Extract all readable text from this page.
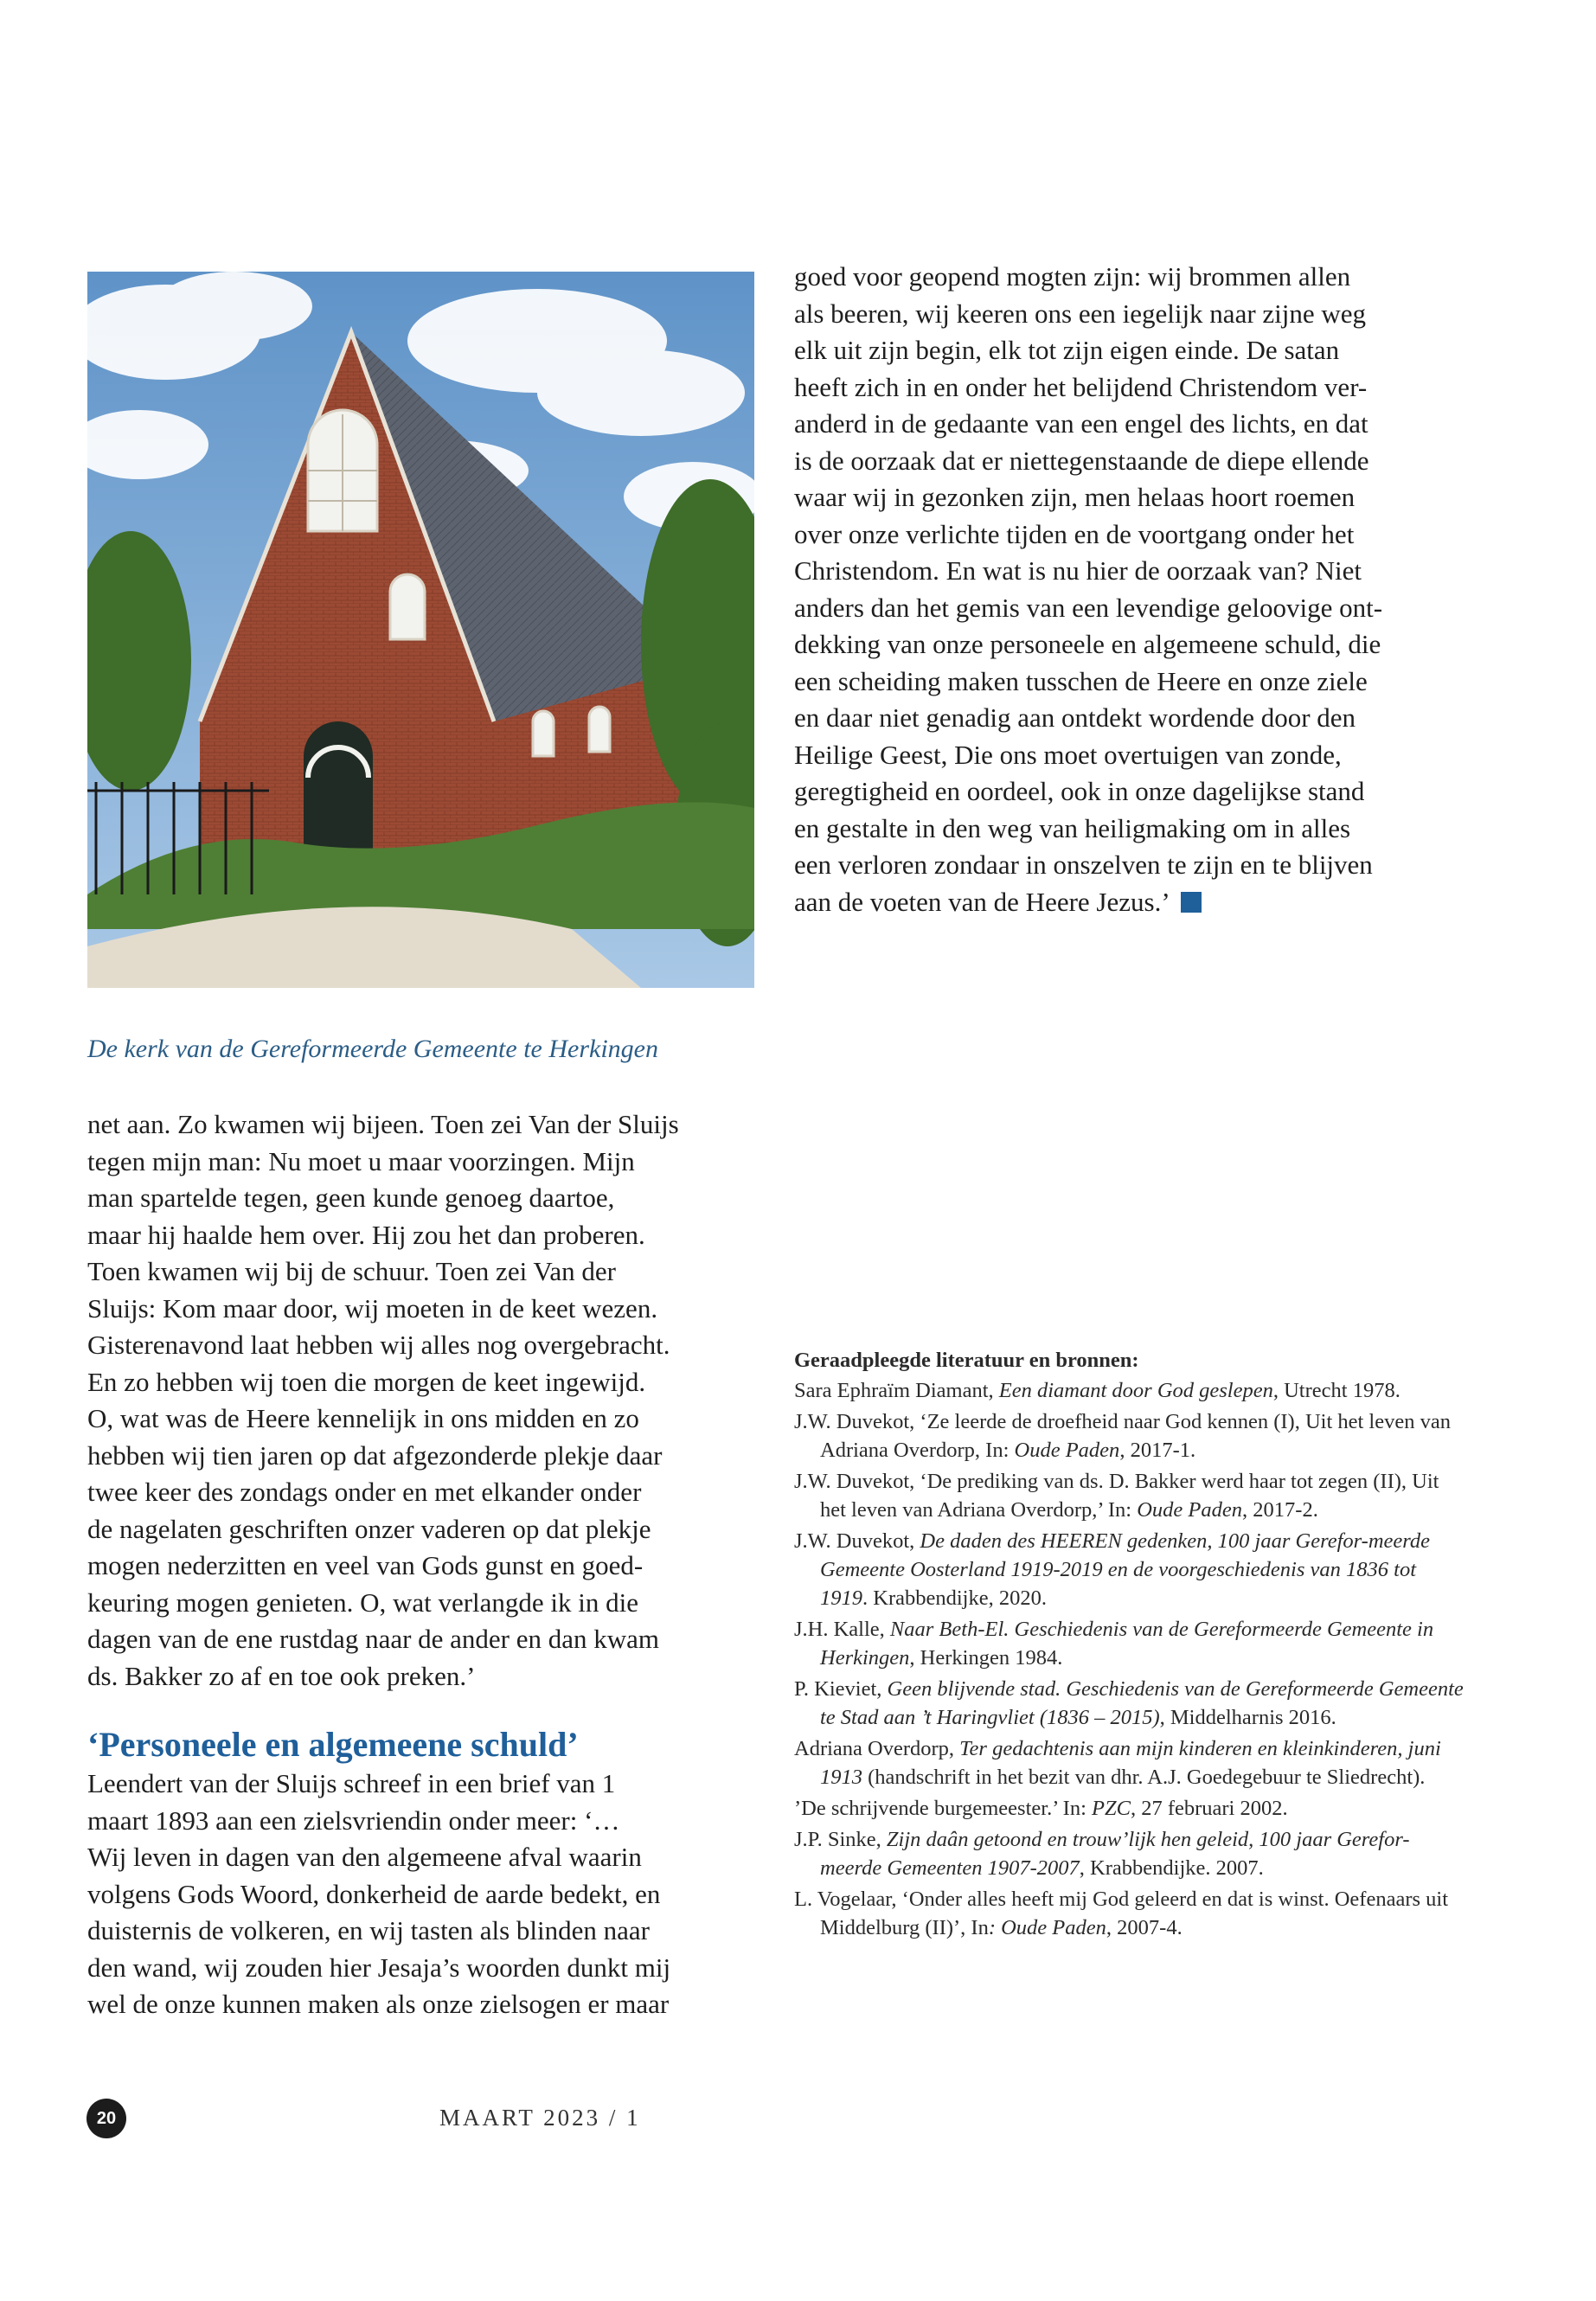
De kerk van de Gereformeerde Gemeente te Herkingen

goed voor geopend mogten zijn: wij brommen allen

als beeren, wij keeren ons een iegelijk naar zijne weg

elk uit zijn begin, elk tot zijn eigen einde. De satan

heeft zich in en onder het belijdend Christendom ver-

anderd in de gedaante van een engel des lichts, en dat

is de oorzaak dat er niettegenstaande de diepe ellende

waar wij in gezonken zijn, men helaas hoort roemen

over onze verlichte tijden en de voortgang onder het

Christendom. En wat is nu hier de oorzaak van? Niet

anders dan het gemis van een levendige geloovige ont-

dekking van onze personeele en algemeene schuld, die

een scheiding maken tusschen de Heere en onze ziele

en daar niet genadig aan ontdekt wordende door den

Heilige Geest, Die ons moet overtuigen van zonde,

geregtigheid en oordeel, ook in onze dagelijkse stand

en gestalte in den weg van heiligmaking om in alles

een verloren zondaar in onszelven te zijn en te blijven

aan de voeten van de Heere Jezus.’

net aan. Zo kwamen wij bijeen. Toen zei Van der Sluijs

tegen mijn man: Nu moet u maar voorzingen. Mijn

man spartelde tegen, geen kunde genoeg daartoe,

maar hij haalde hem over. Hij zou het dan proberen.

Toen kwamen wij bij de schuur. Toen zei Van der

Sluijs: Kom maar door, wij moeten in de keet wezen.

Gisterenavond laat hebben wij alles nog overgebracht.

En zo hebben wij toen die morgen de keet ingewijd.

O, wat was de Heere kennelijk in ons midden en zo

hebben wij tien jaren op dat afgezonderde plekje daar

twee keer des zondags onder en met elkander onder

de nagelaten geschriften onzer vaderen op dat plekje

mogen nederzitten en veel van Gods gunst en goed-

keuring mogen genieten. O, wat verlangde ik in die

dagen van de ene rustdag naar de ander en dan kwam

ds. Bakker zo af en toe ook preken.’

‘Personeele en algemeene schuld’

Leendert van der Sluijs schreef in een brief van 1

maart 1893 aan een zielsvriendin onder meer: ‘…

Wij leven in dagen van den algemeene afval waarin

volgens Gods Woord, donkerheid de aarde bedekt, en

duisternis de volkeren, en wij tasten als blinden naar

den wand, wij zouden hier Jesaja’s woorden dunkt mij

wel de onze kunnen maken als onze zielsogen er maar

Geraadpleegde literatuur en bronnen:
Sara Ephraïm Diamant, Een diamant door God geslepen, Utrecht 1978.
J.W. Duvekot, ‘Ze leerde de droefheid naar God kennen (I), Uit het leven van Adriana Overdorp, In: Oude Paden, 2017-1.
J.W. Duvekot, ‘De prediking van ds. D. Bakker werd haar tot zegen (II), Uit het leven van Adriana Overdorp,’ In: Oude Paden, 2017-2.
J.W. Duvekot, De daden des HEEREN gedenken, 100 jaar Gerefor-meerde Gemeente Oosterland 1919-2019 en de voorgeschiedenis van 1836 tot 1919. Krabbendijke, 2020.
J.H. Kalle, Naar Beth-El. Geschiedenis van de Gereformeerde Gemeente in Herkingen, Herkingen 1984.
P. Kieviet, Geen blijvende stad. Geschiedenis van de Gereformeerde Gemeente te Stad aan ’t Haringvliet (1836 – 2015), Middelharnis 2016.
Adriana Overdorp, Ter gedachtenis aan mijn kinderen en kleinkinderen, juni 1913 (handschrift in het bezit van dhr. A.J. Goedegebuur te Sliedrecht).
’De schrijvende burgemeester.’ In: PZC, 27 februari 2002.
J.P. Sinke, Zijn daân getoond en trouw’lijk hen geleid, 100 jaar Gerefor-meerde Gemeenten 1907-2007, Krabbendijke. 2007.
L. Vogelaar, ‘Onder alles heeft mij God geleerd en dat is winst. Oefenaars uit Middelburg (II)’, In: Oude Paden, 2007-4.
20	MAART 2023 / 1
